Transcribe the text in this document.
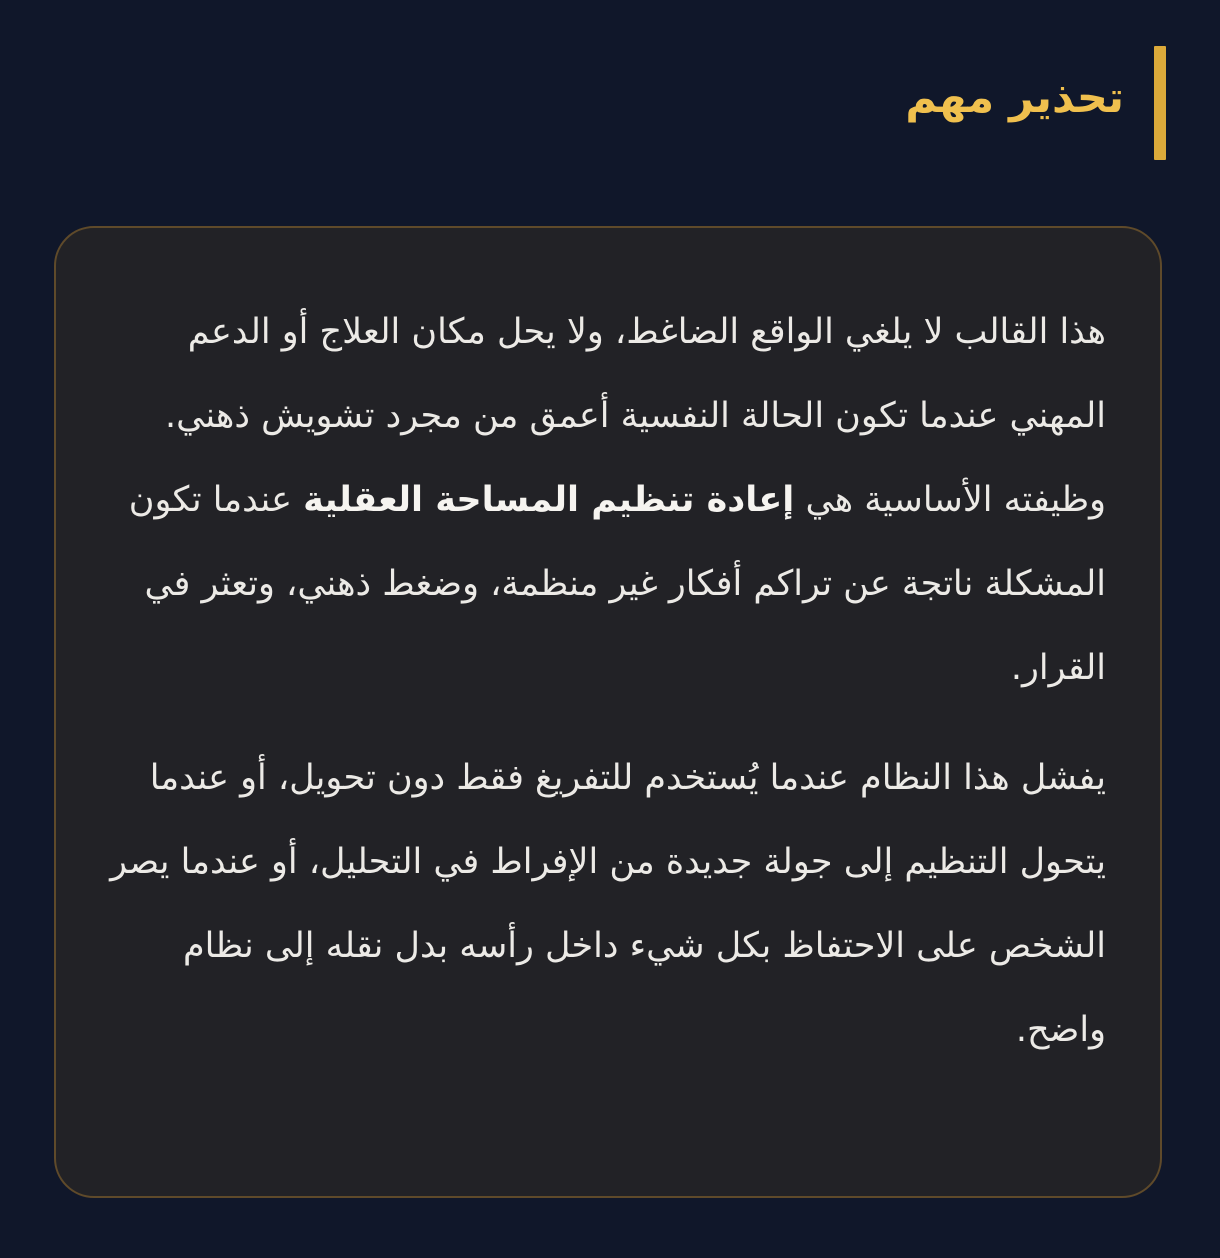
تحذير مهم

هذا القالب لا يلغي الواقع الضاغط، ولا يحل مكان العلاج أو الدعم المهني عندما تكون الحالة النفسية أعمق من مجرد تشويش ذهني. وظيفته الأساسية هي إعادة تنظيم المساحة العقلية عندما تكون المشكلة ناتجة عن تراكم أفكار غير منظمة، وضغط ذهني، وتعثر في القرار.

يفشل هذا النظام عندما يُستخدم للتفريغ فقط دون تحويل، أو عندما يتحول التنظيم إلى جولة جديدة من الإفراط في التحليل، أو عندما يصر الشخص على الاحتفاظ بكل شيء داخل رأسه بدل نقله إلى نظام واضح.
